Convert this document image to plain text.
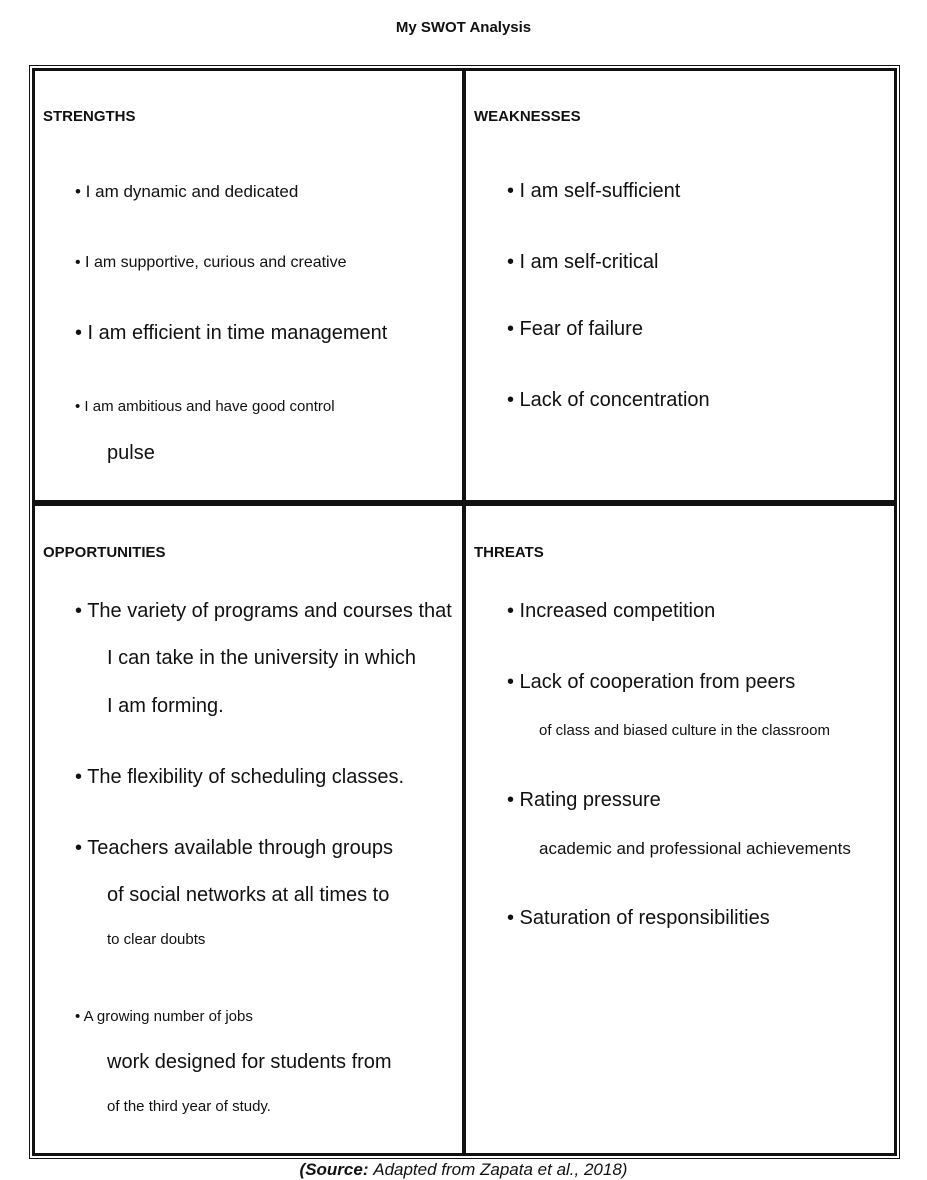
My SWOT Analysis
STRENGTHS
• I am dynamic and dedicated
• I am supportive, curious and creative
• I am efficient in time management
• I am ambitious and have good control
pulse
WEAKNESSES
• I am self-sufficient
• I am self-critical
• Fear of failure
• Lack of concentration
OPPORTUNITIES
• The variety of programs and courses that
I can take in the university in which
I am forming.
• The flexibility of scheduling classes.
• Teachers available through groups
of social networks at all times to
to clear doubts
• A growing number of jobs
work designed for students from
of the third year of study.
THREATS
• Increased competition
• Lack of cooperation from peers
of class and biased culture in the classroom
• Rating pressure
academic and professional achievements
• Saturation of responsibilities
(Source: Adapted from Zapata et al., 2018)
